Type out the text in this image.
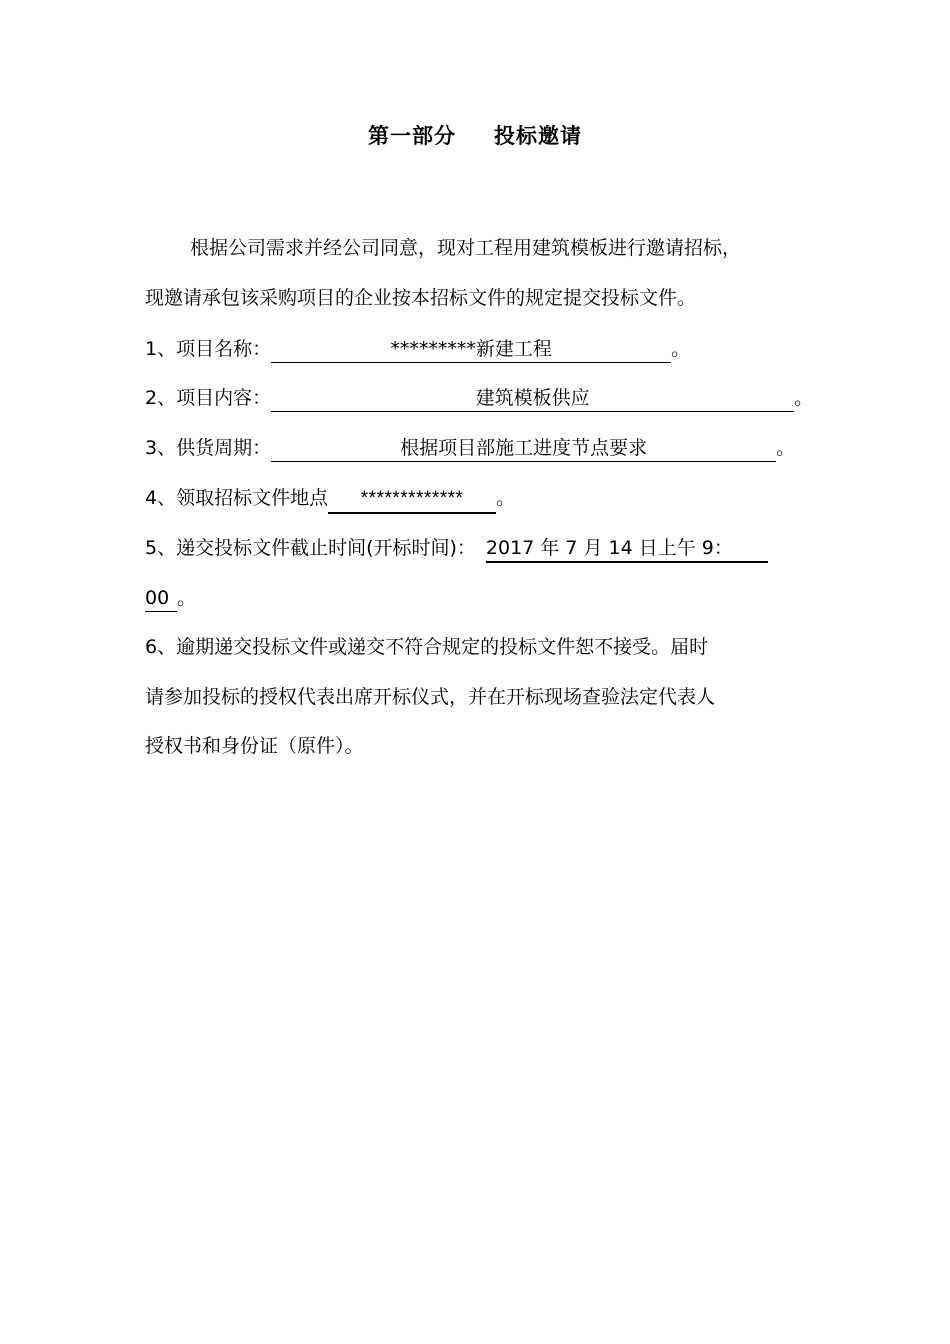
第一部分 投标邀请
根据公司需求并经公司同意，现对工程用建筑模板进行邀请招标，
现邀请承包该采购项目的企业按本招标文件的规定提交投标文件。
1、项目名称：	*********新建工程	。
2、项目内容：	建筑模板供应	。
3、供货周期：	根据项目部施工进度节点要求	。
4、领取招标文件地点 ************* 。
5、递交投标文件截止时间(开标时间)：2017 年 7 月 14 日上午 9：
00。
6、逾期递交投标文件或递交不符合规定的投标文件恕不接受。届时
请参加投标的授权代表出席开标仪式，并在开标现场查验法定代表人
授权书和身份证（原件）。
